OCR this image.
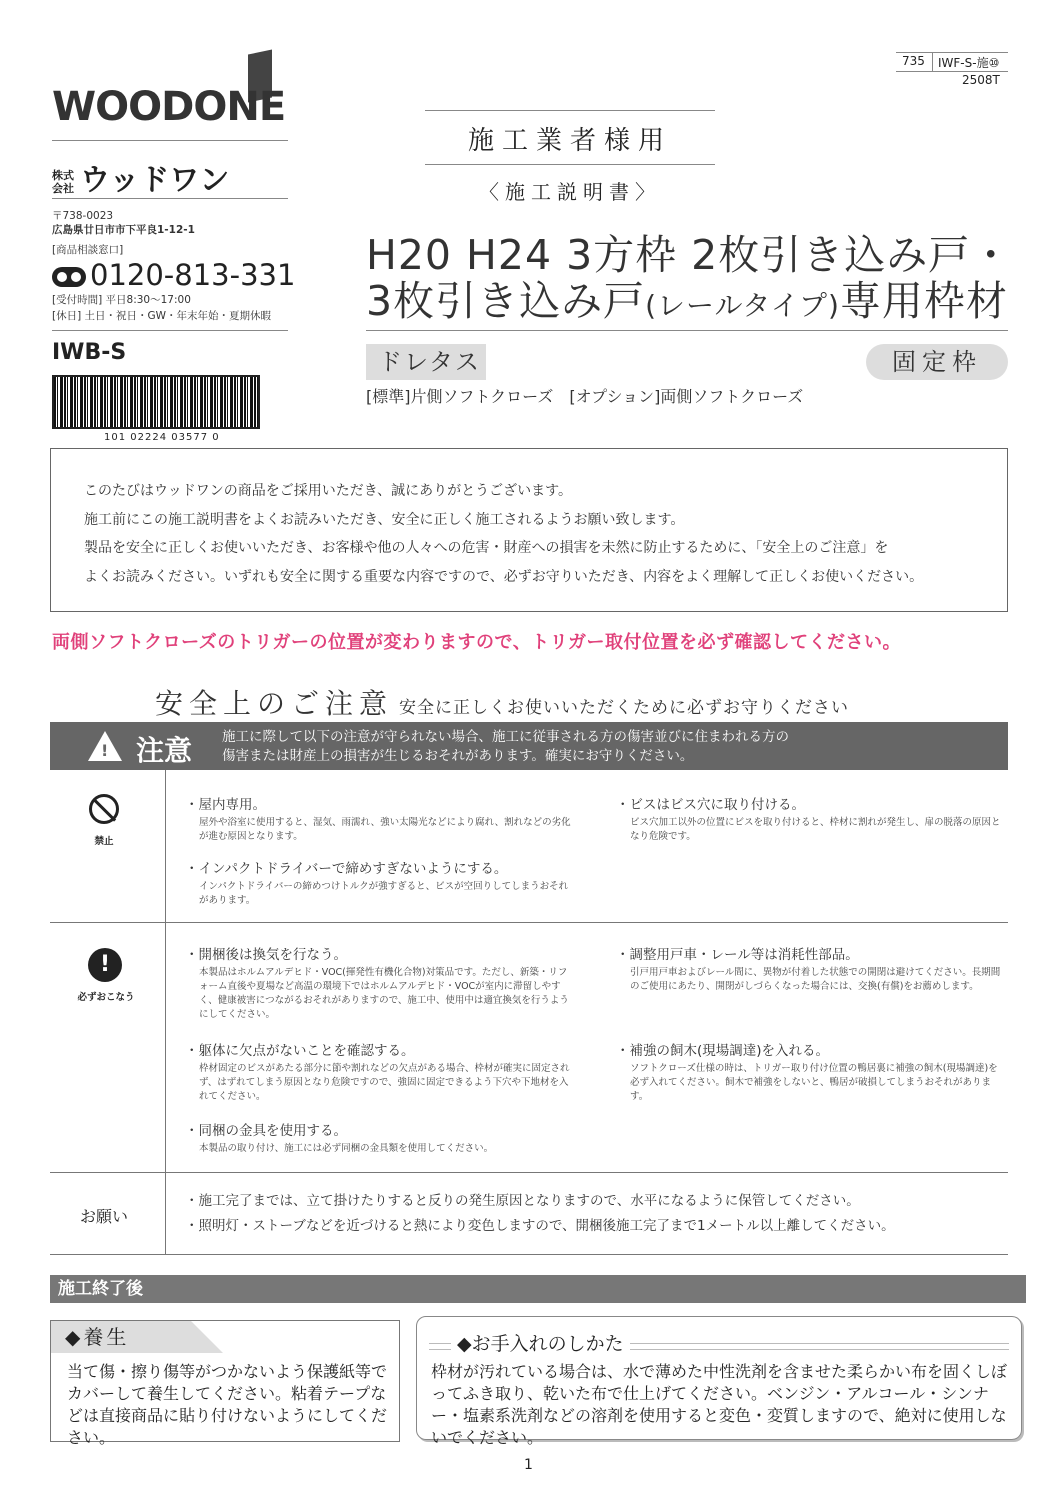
WOODONE
株式
会社 ウッドワン
〒738-0023
広島県廿日市市下平良1-12-1
[商品相談窓口]
0120-813-331
[受付時間] 平日8:30〜17:00
[休日] 土日・祝日・GW・年末年始・夏期休暇
IWB-S
101 02224 03577 0
735 IWF-S-施⑩
2508T
施工業者様用
〈施工説明書〉
H20 H24 3方枠 2枚引き込み戸・
3枚引き込み戸(レールタイプ)専用枠材
ドレタス	固定枠
[標準]片側ソフトクローズ　[オプション]両側ソフトクローズ
このたびはウッドワンの商品をご採用いただき、誠にありがとうございます。
施工前にこの施工説明書をよくお読みいただき、安全に正しく施工されるようお願い致します。
製品を安全に正しくお使いいただき、お客様や他の人々への危害・財産への損害を未然に防止するために、「安全上のご注意」を
よくお読みください。いずれも安全に関する重要な内容ですので、必ずお守りいただき、内容をよく理解して正しくお使いください。
両側ソフトクローズのトリガーの位置が変わりますので、トリガー取付位置を必ず確認してください。
安全上のご注意 安全に正しくお使いいただくために必ずお守りください
! 注意 施工に際して以下の注意が守られない場合、施工に従事される方の傷害並びに住まわれる方の
傷害または財産上の損害が生じるおそれがあります。確実にお守りください。
禁止
・屋内専用。
屋外や浴室に使用すると、湿気、雨濡れ、強い太陽光などにより腐れ、割れなどの劣化が進む原因となります。
・インパクトドライバーで締めすぎないようにする。
インパクトドライバーの締めつけトルクが強すぎると、ビスが空回りしてしまうおそれがあります。
・ビスはビス穴に取り付ける。
ビス穴加工以外の位置にビスを取り付けると、枠材に割れが発生し、扉の脱落の原因となり危険です。
!
必ずおこなう
・開梱後は換気を行なう。
本製品はホルムアルデヒド・VOC(揮発性有機化合物)対策品です。ただし、新築・リフォーム直後や夏場など高温の環境下ではホルムアルデヒド・VOCが室内に滞留しやすく、健康被害につながるおそれがありますので、施工中、使用中は適宜換気を行うようにしてください。
・躯体に欠点がないことを確認する。
枠材固定のビスがあたる部分に節や割れなどの欠点がある場合、枠材が確実に固定されず、はずれてしまう原因となり危険ですので、強固に固定できるよう下穴や下地材を入れてください。
・同梱の金具を使用する。
本製品の取り付け、施工には必ず同梱の金具類を使用してください。
・調整用戸車・レール等は消耗性部品。
引戸用戸車およびレール間に、異物が付着した状態での開閉は避けてください。長期間のご使用にあたり、開閉がしづらくなった場合には、交換(有償)をお薦めします。
・補強の飼木(現場調達)を入れる。
ソフトクローズ仕様の時は、トリガー取り付け位置の鴨居裏に補強の飼木(現場調達)を必ず入れてください。飼木で補強をしないと、鴨居が破損してしまうおそれがあります。
お願い
・施工完了までは、立て掛けたりすると反りの発生原因となりますので、水平になるように保管してください。
・照明灯・ストーブなどを近づけると熱により変色しますので、開梱後施工完了まで1メートル以上離してください。
施工終了後
◆養生
当て傷・擦り傷等がつかないよう保護紙等でカバーして養生してください。粘着テープなどは直接商品に貼り付けないようにしてください。
◆お手入れのしかた
枠材が汚れている場合は、水で薄めた中性洗剤を含ませた柔らかい布を固くしぼってふき取り、乾いた布で仕上げてください。ベンジン・アルコール・シンナー・塩素系洗剤などの溶剤を使用すると変色・変質しますので、絶対に使用しないでください。
1
